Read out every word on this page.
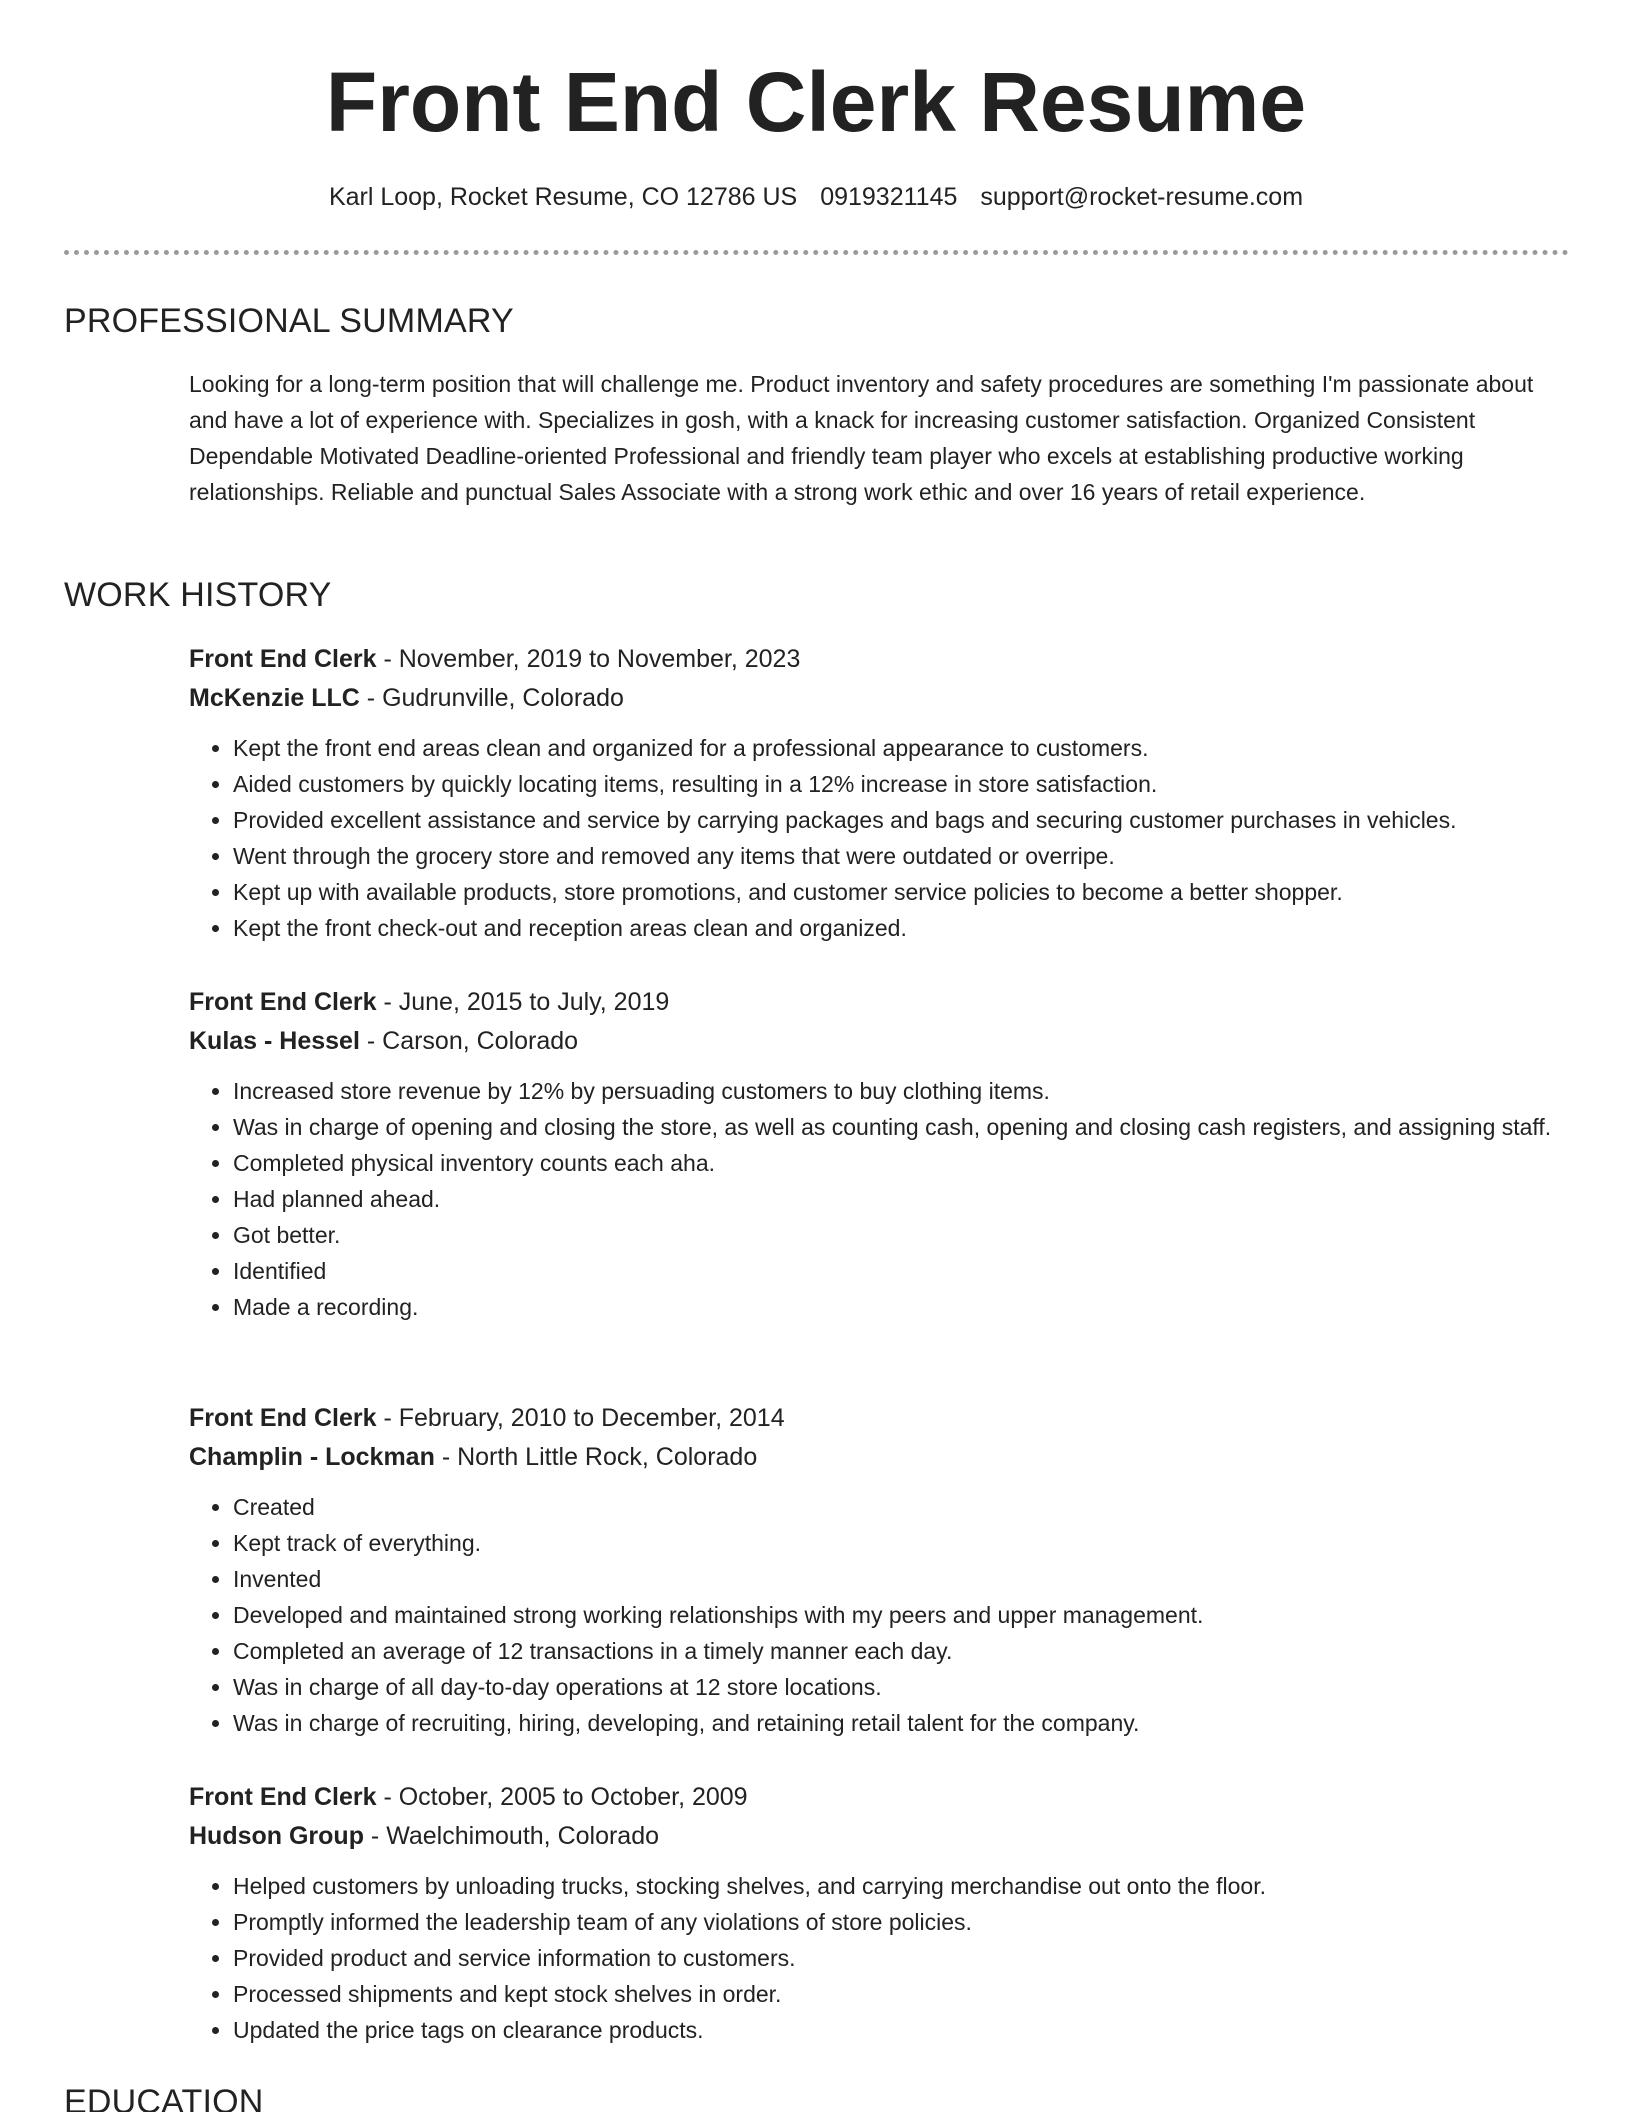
Front End Clerk Resume
Karl Loop, Rocket Resume, CO 12786 US 0919321145 support@rocket-resume.com
PROFESSIONAL SUMMARY

Looking for a long-term position that will challenge me. Product inventory and safety procedures are something I'm passionate about and have a lot of experience with. Specializes in gosh, with a knack for increasing customer satisfaction. Organized Consistent Dependable Motivated Deadline-oriented Professional and friendly team player who excels at establishing productive working relationships. Reliable and punctual Sales Associate with a strong work ethic and over 16 years of retail experience.

WORK HISTORY

Front End Clerk - November, 2019 to November, 2023

McKenzie LLC - Gudrunville, Colorado

• Kept the front end areas clean and organized for a professional appearance to customers.
• Aided customers by quickly locating items, resulting in a 12% increase in store satisfaction.
• Provided excellent assistance and service by carrying packages and bags and securing customer purchases in vehicles.
• Went through the grocery store and removed any items that were outdated or overripe.
• Kept up with available products, store promotions, and customer service policies to become a better shopper.
• Kept the front check-out and reception areas clean and organized.

Front End Clerk - June, 2015 to July, 2019

Kulas - Hessel - Carson, Colorado

• Increased store revenue by 12% by persuading customers to buy clothing items.
• Was in charge of opening and closing the store, as well as counting cash, opening and closing cash registers, and assigning staff.
• Completed physical inventory counts each aha.
• Had planned ahead.
• Got better.
• Identified
• Made a recording.

Front End Clerk - February, 2010 to December, 2014

Champlin - Lockman - North Little Rock, Colorado

• Created
• Kept track of everything.
• Invented
• Developed and maintained strong working relationships with my peers and upper management.
• Completed an average of 12 transactions in a timely manner each day.
• Was in charge of all day-to-day operations at 12 store locations.
• Was in charge of recruiting, hiring, developing, and retaining retail talent for the company.

Front End Clerk - October, 2005 to October, 2009

Hudson Group - Waelchimouth, Colorado

• Helped customers by unloading trucks, stocking shelves, and carrying merchandise out onto the floor.
• Promptly informed the leadership team of any violations of store policies.
• Provided product and service information to customers.
• Processed shipments and kept stock shelves in order.
• Updated the price tags on clearance products.
EDUCATION
